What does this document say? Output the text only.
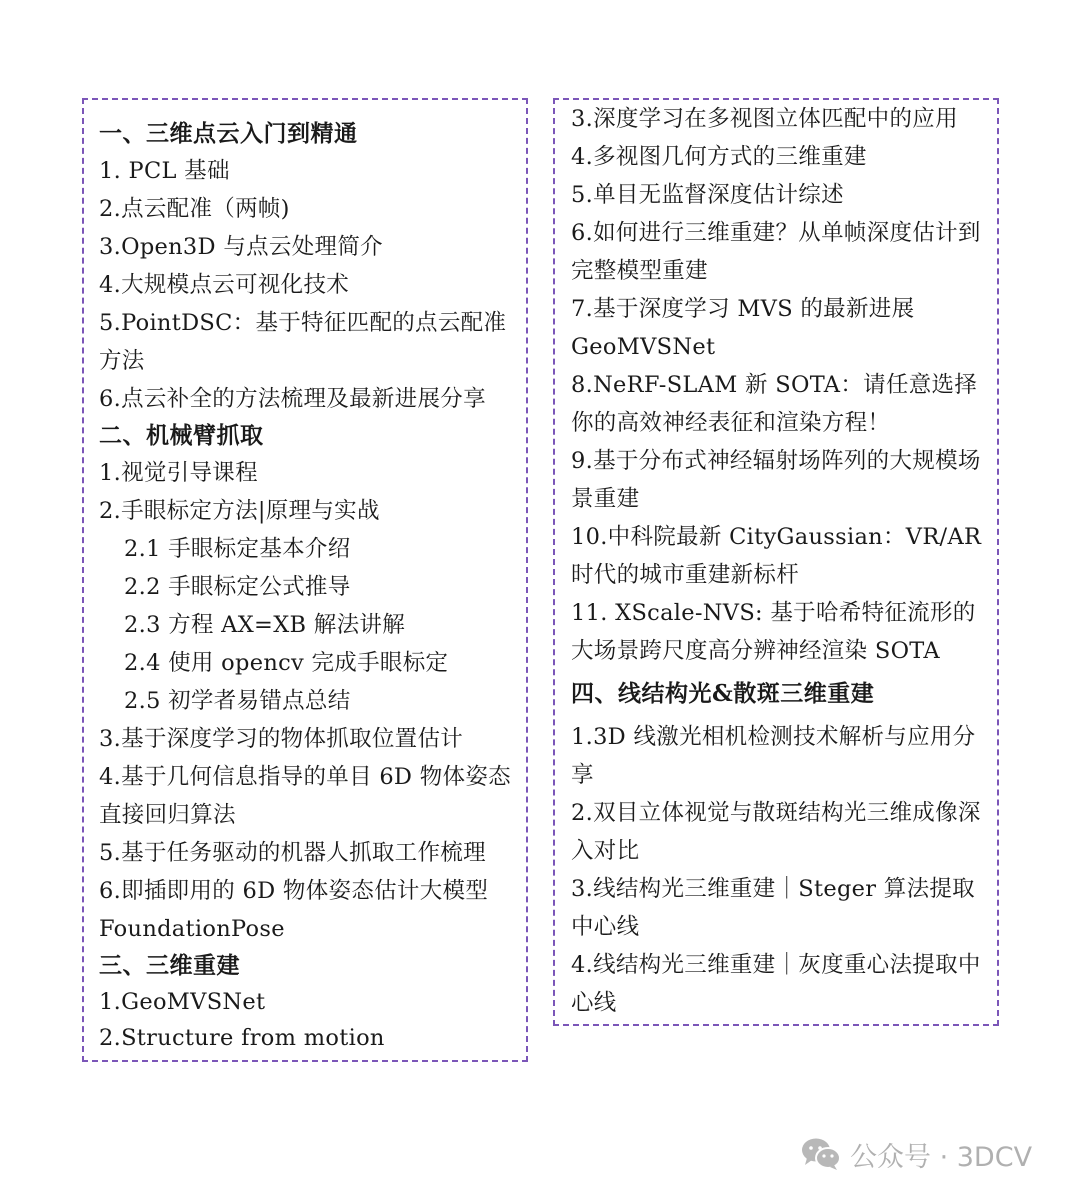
一、三维点云入门到精通
1. PCL 基础
2.点云配准（两帧)
3.Open3D 与点云处理简介
4.大规模点云可视化技术
5.PointDSC：基于特征匹配的点云配准方法
6.点云补全的方法梳理及最新进展分享
二、机械臂抓取
1.视觉引导课程
2.手眼标定方法|原理与实战
2.1 手眼标定基本介绍
2.2 手眼标定公式推导
2.3 方程 AX=XB 解法讲解
2.4 使用 opencv 完成手眼标定
2.5 初学者易错点总结
3.基于深度学习的物体抓取位置估计
4.基于几何信息指导的单目 6D 物体姿态直接回归算法
5.基于任务驱动的机器人抓取工作梳理
6.即插即用的 6D 物体姿态估计大模型 FoundationPose
三、三维重建
1.GeoMVSNet
2.Structure from motion
3.深度学习在多视图立体匹配中的应用
4.多视图几何方式的三维重建
5.单目无监督深度估计综述
6.如何进行三维重建？从单帧深度估计到完整模型重建
7.基于深度学习 MVS 的最新进展 GeoMVSNet
8.NeRF-SLAM 新 SOTA：请任意选择你的高效神经表征和渲染方程！
9.基于分布式神经辐射场阵列的大规模场景重建
10.中科院最新 CityGaussian：VR/AR 时代的城市重建新标杆
11. XScale-NVS: 基于哈希特征流形的大场景跨尺度高分辨神经渲染 SOTA
四、线结构光&散斑三维重建
1.3D 线激光相机检测技术解析与应用分享
2.双目立体视觉与散斑结构光三维成像深入对比
3.线结构光三维重建｜Steger 算法提取中心线
4.线结构光三维重建｜灰度重心法提取中心线
公众号 · 3DCV
